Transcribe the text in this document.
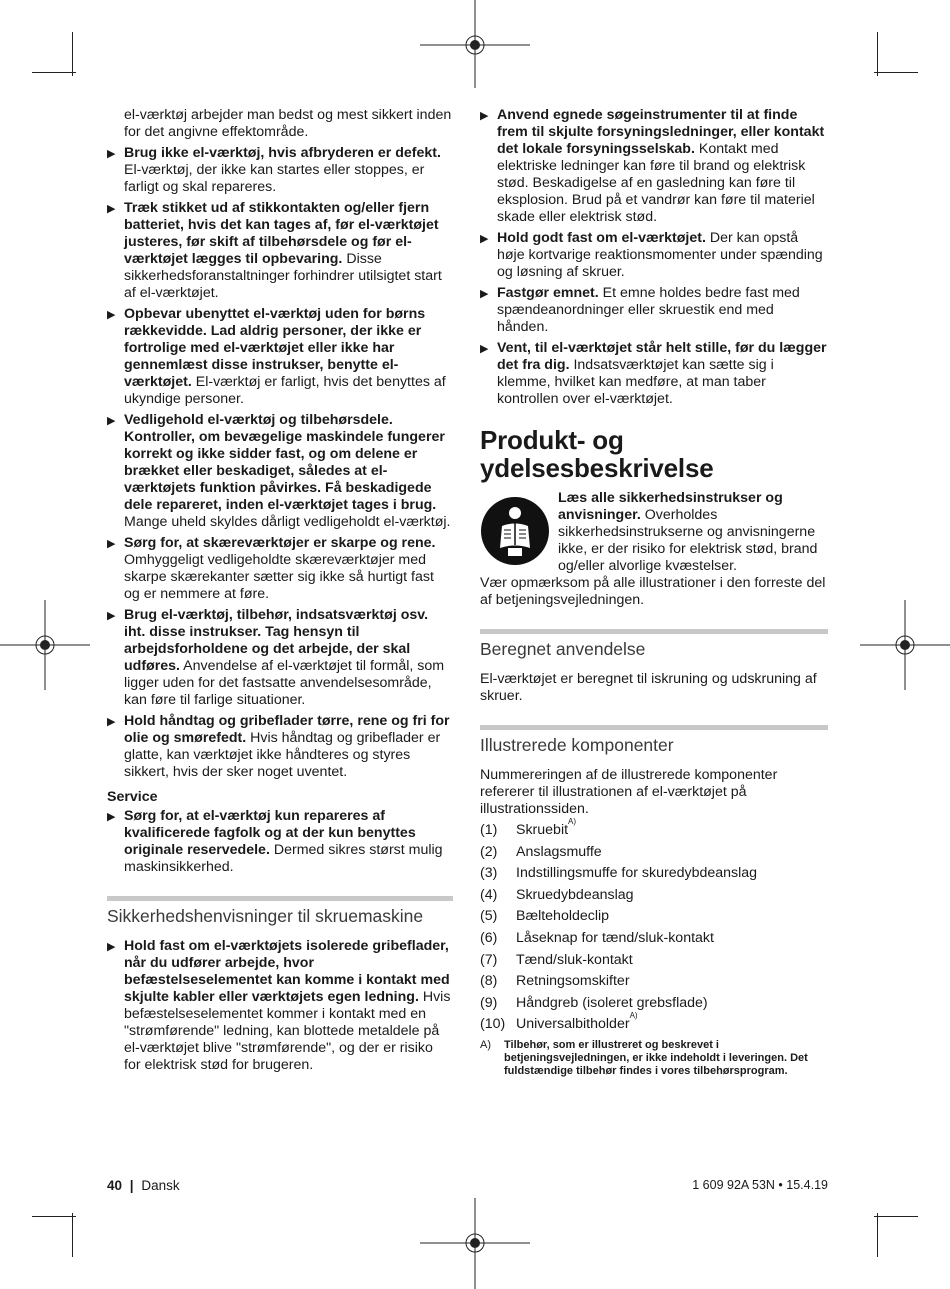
el-værktøj arbejder man bedst og mest sikkert inden for det angivne effektområde.

▶ Brug ikke el-værktøj, hvis afbryderen er defekt. El-værktøj, der ikke kan startes eller stoppes, er farligt og skal repareres.

▶ Træk stikket ud af stikkontakten og/eller fjern batteriet, hvis det kan tages af, før el-værktøjet justeres, før skift af tilbehørsdele og før el-værktøjet lægges til opbevaring. Disse sikkerhedsforanstaltninger forhindrer utilsigtet start af el-værktøjet.

▶ Opbevar ubenyttet el-værktøj uden for børns rækkevidde. Lad aldrig personer, der ikke er fortrolige med el-værktøjet eller ikke har gennemlæst disse instrukser, benytte el-værktøjet. El-værktøj er farligt, hvis det benyttes af ukyndige personer.

▶ Vedligehold el-værktøj og tilbehørsdele. Kontroller, om bevægelige maskindele fungerer korrekt og ikke sidder fast, og om delene er brækket eller beskadiget, således at el-værktøjets funktion påvirkes. Få beskadigede dele repareret, inden el-værktøjet tages i brug. Mange uheld skyldes dårligt vedligeholdt el-værktøj.

▶ Sørg for, at skæreværktøjer er skarpe og rene. Omhyggeligt vedligeholdte skæreværktøjer med skarpe skærekanter sætter sig ikke så hurtigt fast og er nemmere at føre.

▶ Brug el-værktøj, tilbehør, indsatsværktøj osv. iht. disse instrukser. Tag hensyn til arbejdsforholdene og det arbejde, der skal udføres. Anvendelse af el-værktøjet til formål, som ligger uden for det fastsatte anvendelsesområde, kan føre til farlige situationer.

▶ Hold håndtag og gribeflader tørre, rene og fri for olie og smørefedt. Hvis håndtag og gribeflader er glatte, kan værktøjet ikke håndteres og styres sikkert, hvis der sker noget uventet.

Service

▶ Sørg for, at el-værktøj kun repareres af kvalificerede fagfolk og at der kun benyttes originale reservedele. Dermed sikres størst mulig maskinsikkerhed.

Sikkerhedshenvisninger til skruemaskine

▶ Hold fast om el-værktøjets isolerede gribeflader, når du udfører arbejde, hvor befæstelseselementet kan komme i kontakt med skjulte kabler eller værktøjets egen ledning. Hvis befæstelseselementet kommer i kontakt med en "strømførende" ledning, kan blottede metaldele på el-værktøjet blive "strømførende", og der er risiko for elektrisk stød for brugeren.

▶ Anvend egnede søgeinstrumenter til at finde frem til skjulte forsyningsledninger, eller kontakt det lokale forsyningsselskab. Kontakt med elektriske ledninger kan føre til brand og elektrisk stød. Beskadigelse af en gasledning kan føre til eksplosion. Brud på et vandrør kan føre til materiel skade eller elektrisk stød.

▶ Hold godt fast om el-værktøjet. Der kan opstå høje kortvarige reaktionsmomenter under spænding og løsning af skruer.

▶ Fastgør emnet. Et emne holdes bedre fast med spændeanordninger eller skruestik end med hånden.

▶ Vent, til el-værktøjet står helt stille, før du lægger det fra dig. Indsatsværktøjet kan sætte sig i klemme, hvilket kan medføre, at man taber kontrollen over el-værktøjet.

Produkt- og
ydelsesbeskrivelse

Læs alle sikkerhedsinstrukser og anvisninger. Overholdes sikkerhedsinstrukserne og anvisningerne ikke, er der risiko for elektrisk stød, brand og/eller alvorlige kvæstelser.

Vær opmærksom på alle illustrationer i den forreste del af betjeningsvejledningen.

Beregnet anvendelse

El-værktøjet er beregnet til iskruning og udskruning af skruer.

Illustrerede komponenter

Nummereringen af de illustrerede komponenter refererer til illustrationen af el-værktøjet på illustrationssiden.

(1)	Skruebit
A)
(2)	Anslagsmuffe
(3)	Indstillingsmuffe for skuredybdeanslag
(4)	Skruedybdeanslag
(5)	Bælteholdeclip
(6)	Låseknap for tænd/sluk-kontakt
(7)	Tænd/sluk-kontakt
(8)	Retningsomskifter
(9)	Håndgreb (isoleret grebsflade)
(10) Universalbitholder
A)
A)	Tilbehør, som er illustreret og beskrevet i betjeningsvejledningen, er ikke indeholdt i leveringen. Det fuldstændige tilbehør findes i vores tilbehørsprogram.
40 | Dansk	1 609 92A 53N • 15.4.19
